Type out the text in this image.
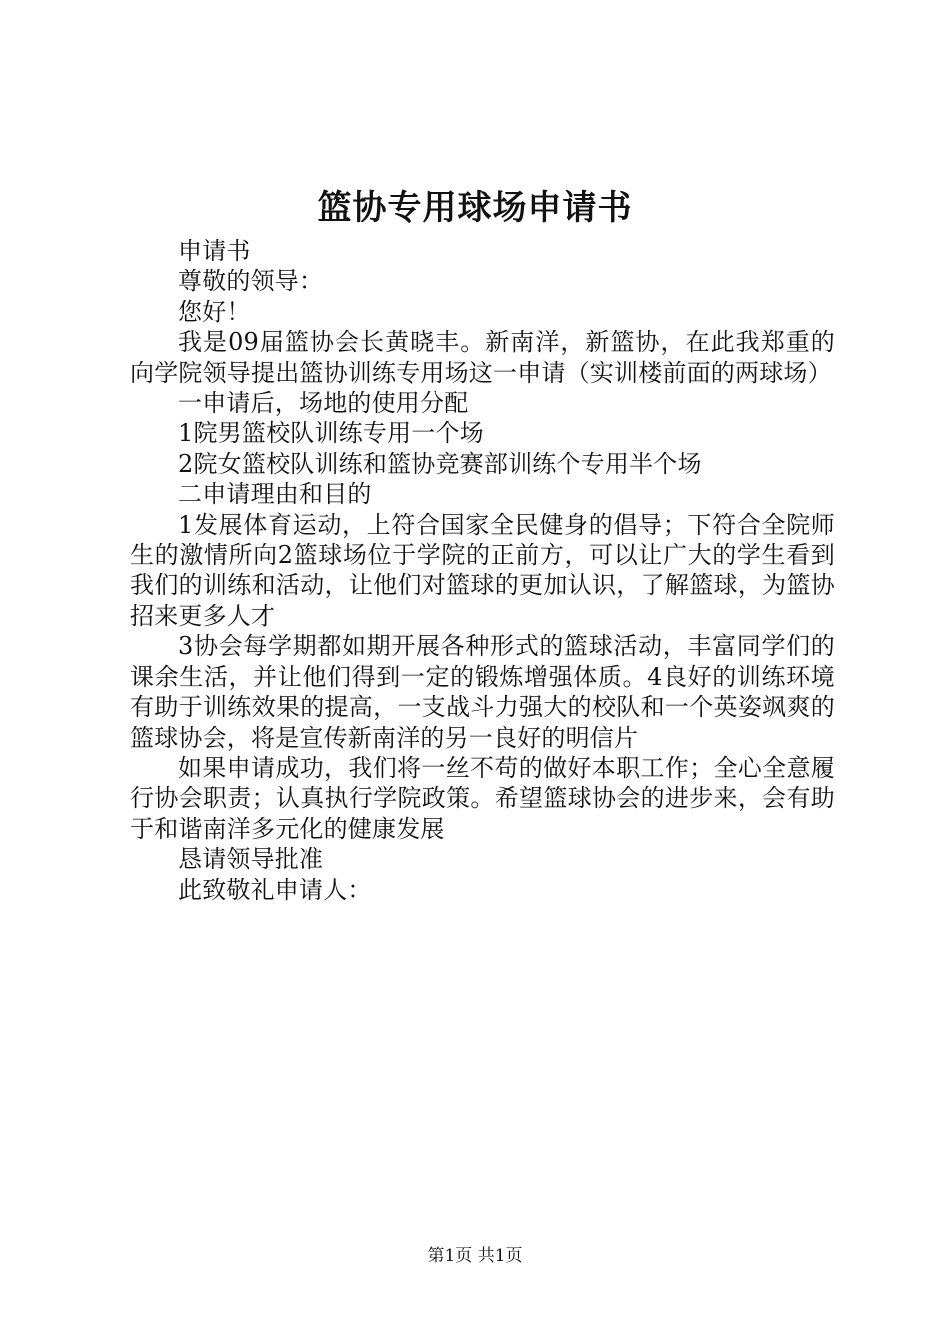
篮协专用球场申请书

申请书

尊敬的领导：

您好！

我是09届篮协会长黄晓丰。新南洋，新篮协，在此我郑重的向学院领导提出篮协训练专用场这一申请（实训楼前面的两球场）

一申请后，场地的使用分配

1院男篮校队训练专用一个场

2院女篮校队训练和篮协竞赛部训练个专用半个场

二申请理由和目的

1发展体育运动，上符合国家全民健身的倡导；下符合全院师生的激情所向2篮球场位于学院的正前方，可以让广大的学生看到我们的训练和活动，让他们对篮球的更加认识，了解篮球，为篮协招来更多人才

3协会每学期都如期开展各种形式的篮球活动，丰富同学们的课余生活，并让他们得到一定的锻炼增强体质。4良好的训练环境有助于训练效果的提高，一支战斗力强大的校队和一个英姿飒爽的篮球协会，将是宣传新南洋的另一良好的明信片

如果申请成功，我们将一丝不苟的做好本职工作；全心全意履行协会职责；认真执行学院政策。希望篮球协会的进步来，会有助于和谐南洋多元化的健康发展

恳请领导批准

此致敬礼申请人：

第1页 共1页
